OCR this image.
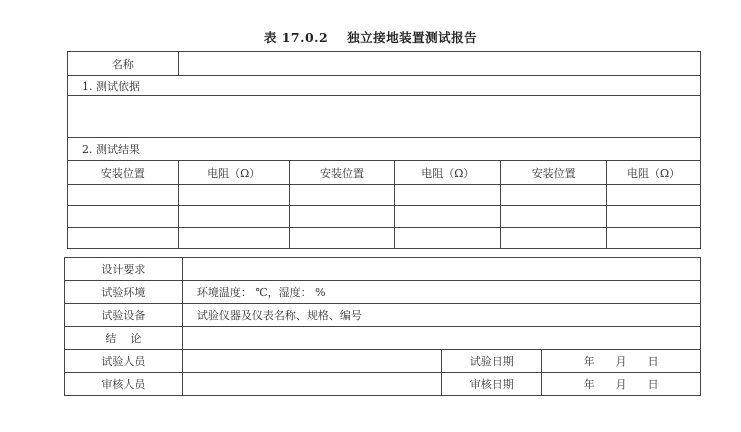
表 17.0.2 独立接地装置测试报告
名称					
1. 测试依据					

2. 测试结果					
安装位置	电阻（Ω）	安装位置	电阻（Ω）	安装位置	电阻（Ω）

设计要求			
试验环境	环境温度： ℃，湿度： %		
试验设备	试验仪器及仪表名称、规格、编号		
结    论			
试验人员		试验日期	年 月 日
审核人员		审核日期	年 月 日
